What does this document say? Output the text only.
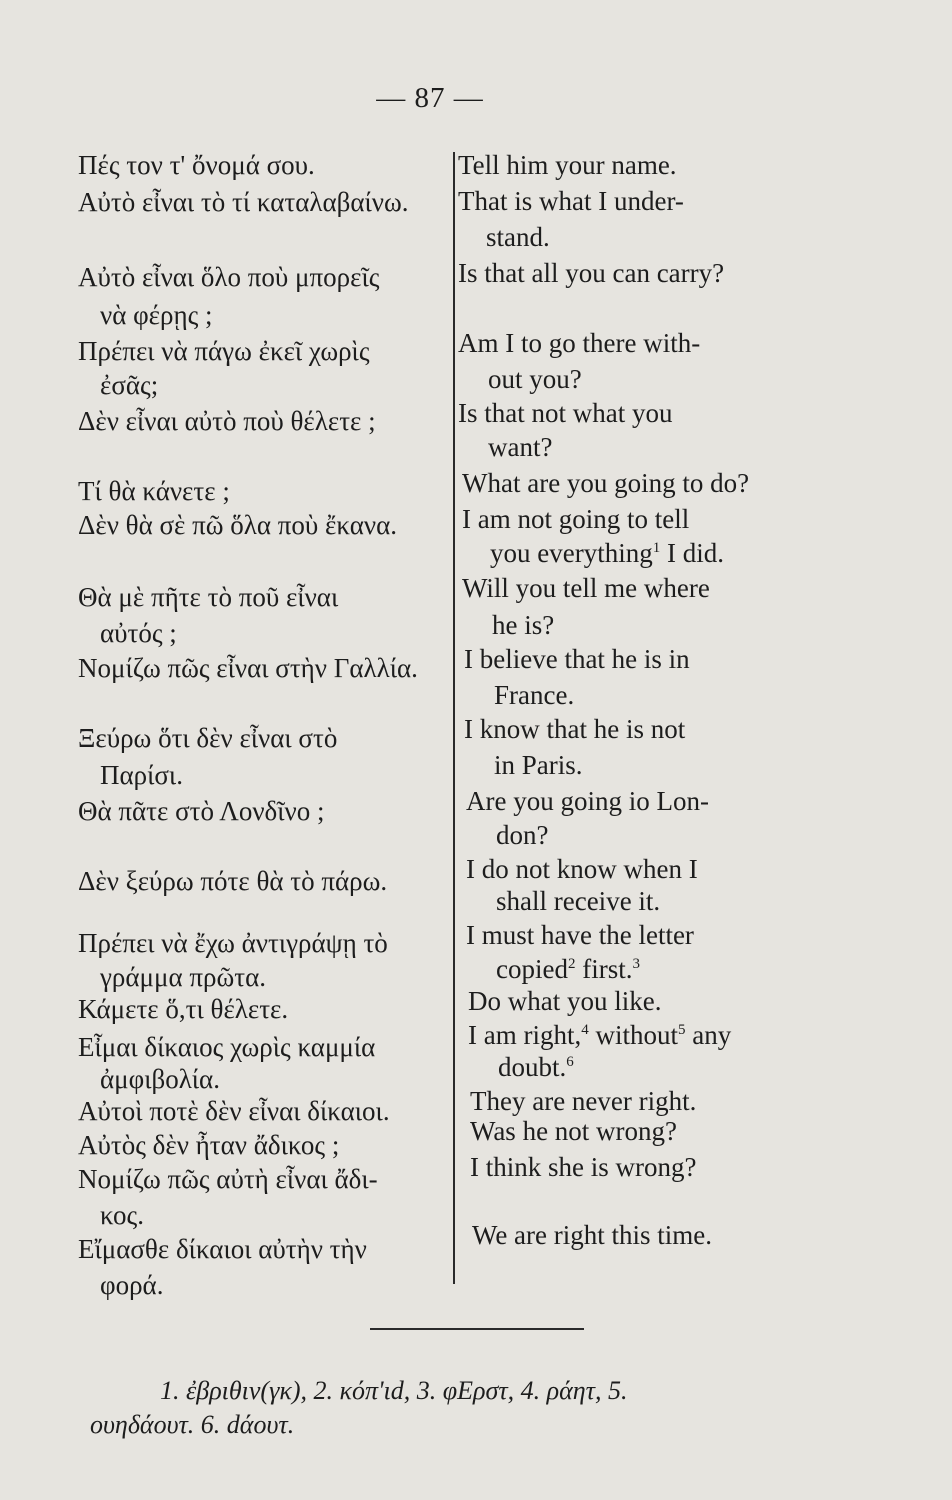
— 87 —
Πές τον τ' ὄνομά σου.
Αὐτὸ εἶναι τὸ τί καταλαβαίνω.
Αὐτὸ εἶναι ὅλο ποὺ μπορεῖς
νὰ φέρῃς ;
Πρέπει νὰ πάγω ἐκεῖ χωρὶς
ἐσᾶς;
Δὲν εἶναι αὐτὸ ποὺ θέλετε ;
Τί θὰ κάνετε ;
Δὲν θὰ σὲ πῶ ὅλα ποὺ ἔκανα.
Θὰ μὲ πῆτε τὸ ποῦ εἶναι
αὐτός ;
Νομίζω πῶς εἶναι στὴν Γαλλία.
Ξεύρω ὅτι δὲν εἶναι στὸ
Παρίσι.
Θὰ πᾶτε στὸ Λονδῖνο ;
Δὲν ξεύρω πότε θὰ τὸ πάρω.
Πρέπει νὰ ἔχω ἀντιγράψῃ τὸ
γράμμα πρῶτα.
Κάμετε ὅ,τι θέλετε.
Εἶμαι δίκαιος χωρὶς καμμία
ἀμφιβολία.
Αὐτοὶ ποτὲ δὲν εἶναι δίκαιοι.
Αὐτὸς δὲν ἦταν ἄδικος ;
Νομίζω πῶς αὐτὴ εἶναι ἄδι-
κος.
Εἴμασθε δίκαιοι αὐτὴν τὴν
φορά.
Tell him your name.
That is what I under-
stand.
Is that all you can carry?
Am I to go there with-
out you?
Is that not what you
want?
What are you going to do?
I am not going to tell
you everything$^1$ I did.
Will you tell me where
he is?
I believe that he is in
France.
I know that he is not
in Paris.
Are you going io Lon-
don?
I do not know when I
shall receive it.
I must have the letter
copied$^2$ first.$^3$
Do what you like.
I am right,$^4$ without$^5$ any
doubt.$^6$
They are never right.
Was he not wrong?
I think she is wrong?
We are right this time.
1. ἐβριθιν(γκ), 2. κόπ'ιd, 3. φΕρστ, 4. ράητ, 5.
ουηδάουτ. 6. dάουτ.
